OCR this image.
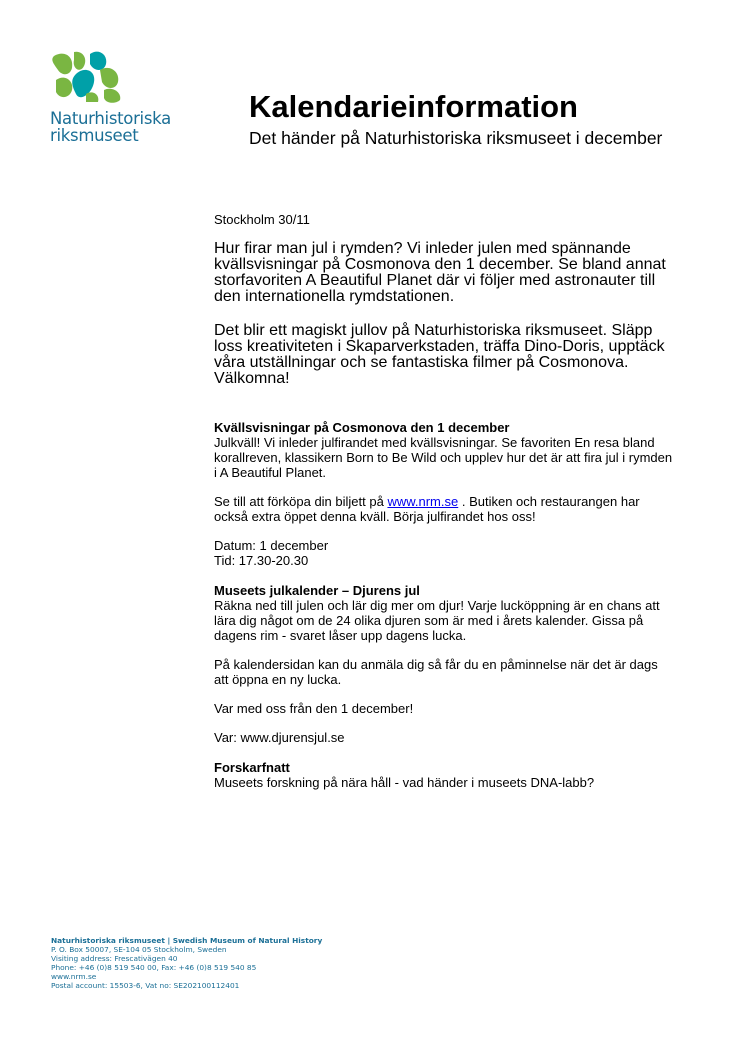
Naturhistoriska
riksmuseet
Kalendarieinformation

Det händer på Naturhistoriska riksmuseet i december

Stockholm 30/11

Hur firar man jul i rymden? Vi inleder julen med spännande kvällsvisningar på Cosmonova den 1 december. Se bland annat storfavoriten A Beautiful Planet där vi följer med astronauter till den internationella rymdstationen.

Det blir ett magiskt jullov på Naturhistoriska riksmuseet. Släpp loss kreativiteten i Skaparverkstaden, träffa Dino-Doris, upptäck våra utställningar och se fantastiska filmer på Cosmonova. Välkomna!

Kvällsvisningar på Cosmonova den 1 december

Julkväll! Vi inleder julfirandet med kvällsvisningar. Se favoriten En resa bland korallreven, klassikern Born to Be Wild och upplev hur det är att fira jul i rymden i A Beautiful Planet.

Se till att förköpa din biljett på www.nrm.se . Butiken och restaurangen har också extra öppet denna kväll. Börja julfirandet hos oss!

Datum: 1 december

Tid: 17.30-20.30

Museets julkalender – Djurens jul

Räkna ned till julen och lär dig mer om djur! Varje lucköppning är en chans att lära dig något om de 24 olika djuren som är med i årets kalender. Gissa på dagens rim - svaret låser upp dagens lucka.

På kalendersidan kan du anmäla dig så får du en påminnelse när det är dags att öppna en ny lucka.

Var med oss från den 1 december!

Var: www.djurensjul.se

Forskarfnatt

Museets forskning på nära håll - vad händer i museets DNA-labb?

Naturhistoriska riksmuseet | Swedish Museum of Natural History
P. O. Box 50007, SE-104 05 Stockholm, Sweden
Visiting address: Frescativägen 40
Phone: +46 (0)8 519 540 00, Fax: +46 (0)8 519 540 85
www.nrm.se
Postal account: 15503-6, Vat no: SE202100112401
